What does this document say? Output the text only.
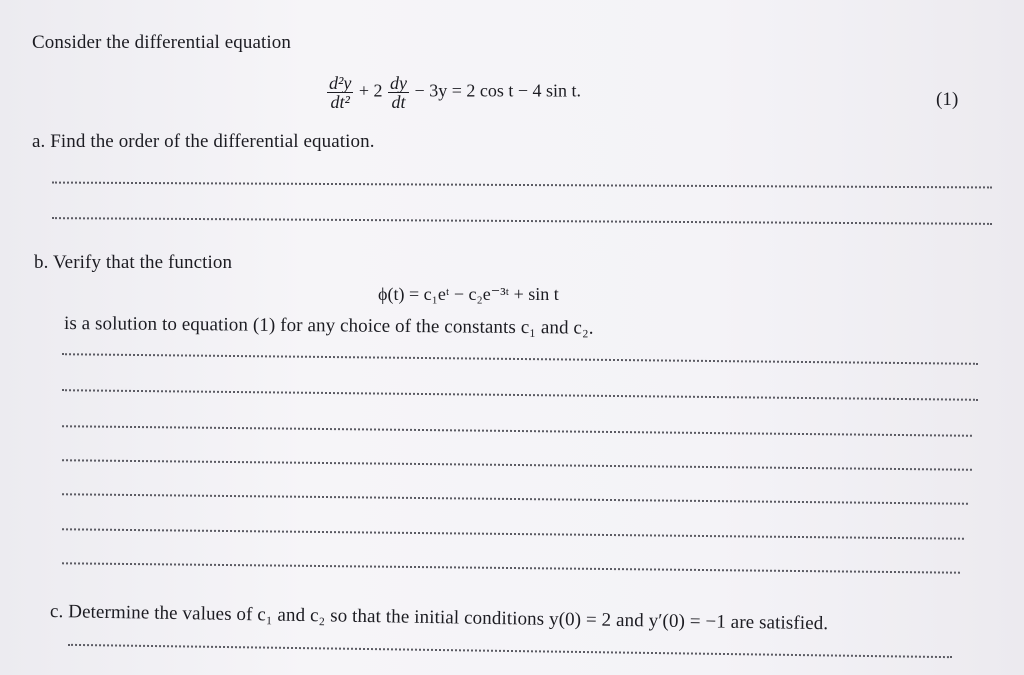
Consider the differential equation
$\frac{\text{d²y}}{\text{dt²}} + 2 \frac{dy}{dt} - 3y = 2$ cos t − 4 sin t.	(1)
a. Find the order of the differential equation.
b. Verify that the function
ϕ(t) = c₁eᵗ − c₂e⁻³ᵗ + sin t
is a solution to equation (1) for any choice of the constants c₁ and c₂.
c. Determine the values of c₁ and c₂ so that the initial conditions y(0) = 2 and y′(0) = −1 are satisfied.
